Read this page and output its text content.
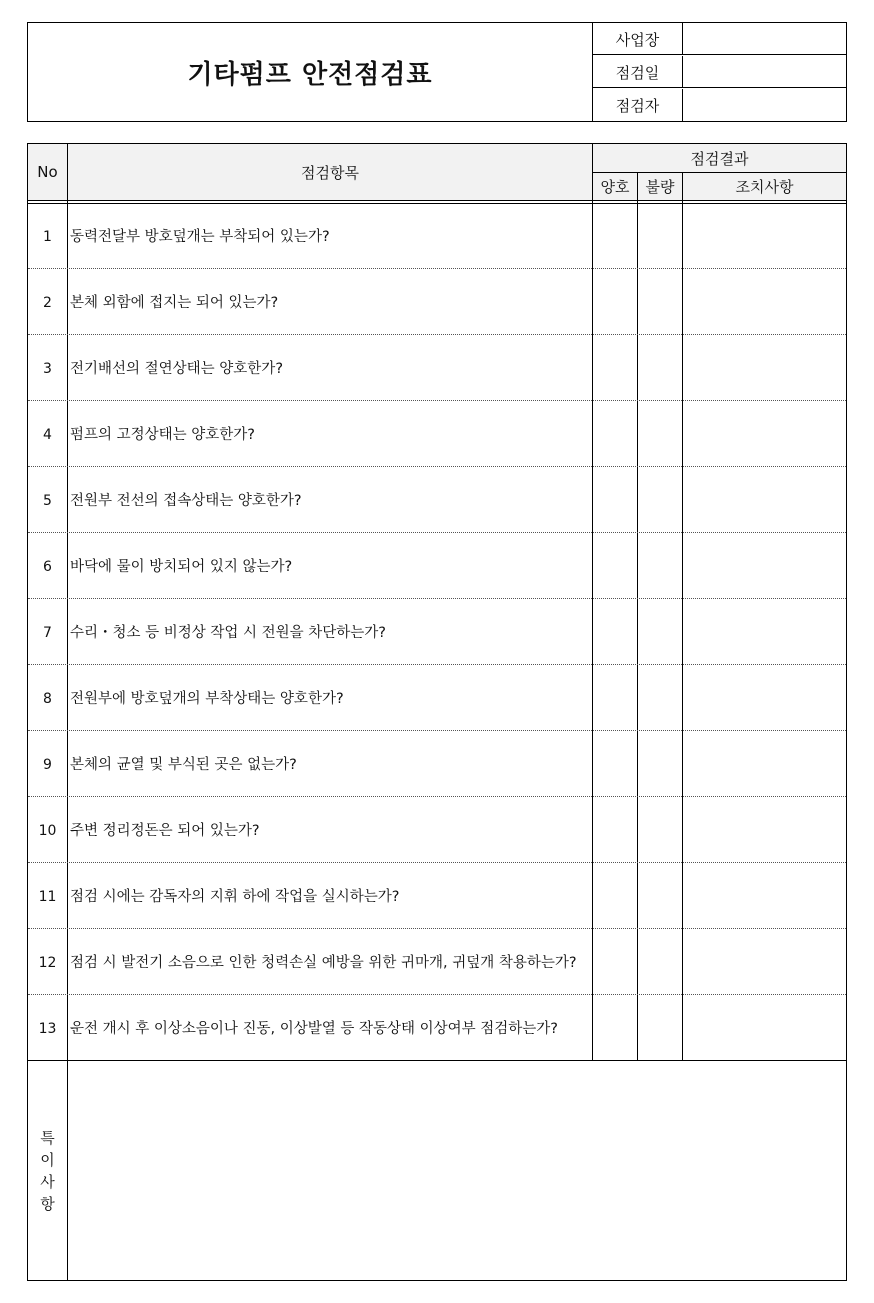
기타펌프 안전점검표
사업장
점검일
점검자
No	점검항목
점검결과
양호	불량	조치사항
1	동력전달부 방호덮개는 부착되어 있는가?
2	본체 외함에 접지는 되어 있는가?
3	전기배선의 절연상태는 양호한가?
4	펌프의 고정상태는 양호한가?
5	전원부 전선의 접속상태는 양호한가?
6	바닥에 물이 방치되어 있지 않는가?
7	수리・청소 등 비정상 작업 시 전원을 차단하는가?
8	전원부에 방호덮개의 부착상태는 양호한가?
9	본체의 균열 및 부식된 곳은 없는가?
10 주변 정리정돈은 되어 있는가?
11 점검 시에는 감독자의 지휘 하에 작업을 실시하는가?
12 점검 시 발전기 소음으로 인한 청력손실 예방을 위한 귀마개, 귀덮개 착용하는가?
13 운전 개시 후 이상소음이나 진동, 이상발열 등 작동상태 이상여부 점검하는가?
특
이
사
항
